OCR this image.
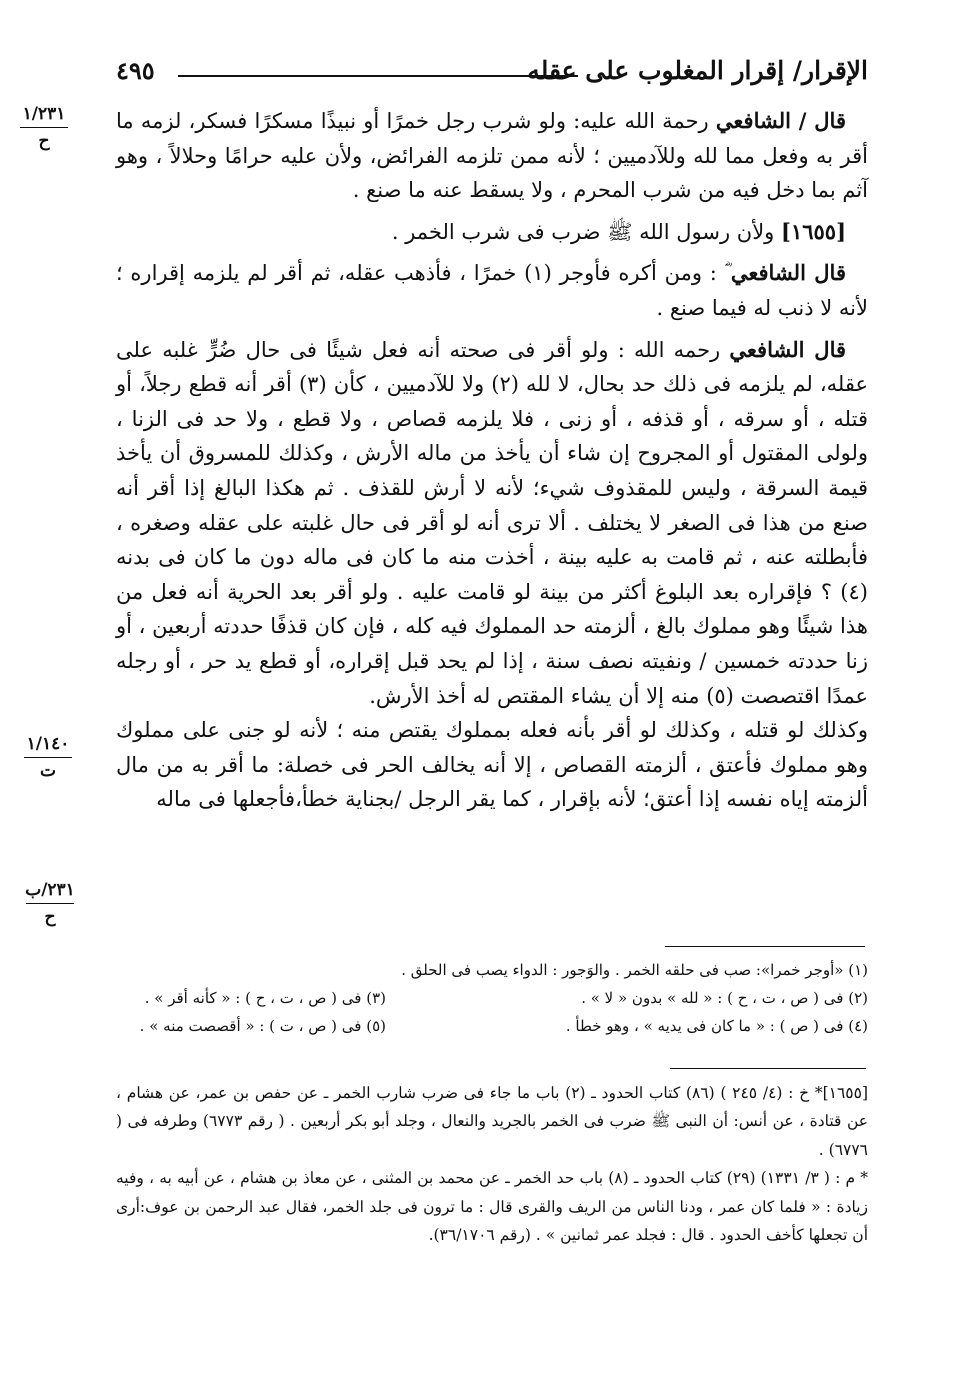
الإقرار/ إقرار المغلوب على عقله
٤٩٥
١/٢٣١
ح
١/١٤٠
ت
٢٣١/ب
ح

قال / الشافعي رحمة الله عليه: ولو شرب رجل خمرًا أو نبيذًا مسكرًا فسكر، لزمه ما أقر به وفعل مما لله وللآدميين ؛ لأنه ممن تلزمه الفرائض، ولأن عليه حرامًا وحلالاً ، وهو آثم بما دخل فيه من شرب المحرم ، ولا يسقط عنه ما صنع .

[١٦٥٥] ولأن رسول الله ﷺ ضرب فى شرب الخمر .

قال الشافعي ؓ : ومن أكره فأوجر (١) خمرًا ، فأذهب عقله، ثم أقر لم يلزمه إقراره ؛ لأنه لا ذنب له فيما صنع .

قال الشافعي رحمه الله : ولو أقر فى صحته أنه فعل شيئًا فى حال ضُرٍّ غلبه على عقله، لم يلزمه فى ذلك حد بحال، لا لله (٢) ولا للآدميين ، كأن (٣) أقر أنه قطع رجلاً، أو قتله ، أو سرقه ، أو قذفه ، أو زنى ، فلا يلزمه قصاص ، ولا قطع ، ولا حد فى الزنا ، ولولى المقتول أو المجروح إن شاء أن يأخذ من ماله الأرش ، وكذلك للمسروق أن يأخذ قيمة السرقة ، وليس للمقذوف شيء؛ لأنه لا أرش للقذف . ثم هكذا البالغ إذا أقر أنه صنع من هذا فى الصغر لا يختلف . ألا ترى أنه لو أقر فى حال غلبته على عقله وصغره ، فأبطلته عنه ، ثم قامت به عليه بينة ، أخذت منه ما كان فى ماله دون ما كان فى بدنه (٤) ؟ فإقراره بعد البلوغ أكثر من بينة لو قامت عليه . ولو أقر بعد الحرية أنه فعل من هذا شيئًا وهو مملوك بالغ ، ألزمته حد المملوك فيه كله ، فإن كان قذفًا حددته أربعين ، أو زنا حددته خمسين / ونفيته نصف سنة ، إذا لم يحد قبل إقراره، أو قطع يد حر ، أو رجله عمدًا اقتصصت (٥) منه إلا أن يشاء المقتص له أخذ الأرش.

وكذلك لو قتله ، وكذلك لو أقر بأنه فعله بمملوك يقتص منه ؛ لأنه لو جنى على مملوك وهو مملوك فأعتق ، ألزمته القصاص ، إلا أنه يخالف الحر فى خصلة: ما أقر به من مال ألزمته إياه نفسه إذا أعتق؛ لأنه بإقرار ، كما يقر الرجل /بجناية خطأ،فأجعلها فى ماله

(١) «أوجر خمرا»: صب فى حلقه الخمر . والوَجور : الدواء يصب فى الحلق .
(٢) فى ( ص ، ت ، ح ) : « لله » بدون « لا » .
(٣) فى ( ص ، ت ، ح ) : « كأنه أقر » .
(٤) فى ( ص ) : « ما كان فى يديه » ، وهو خطأ .
(٥) فى ( ص ، ت ) : « أقصصت منه » .

[١٦٥٥]* خ : (٤/ ٢٤٥ ) (٨٦) كتاب الحدود ـ (٢) باب ما جاء فى ضرب شارب الخمر ـ عن حفص بن عمر، عن هشام ، عن قتادة ، عن أنس: أن النبى ﷺ ضرب فى الخمر بالجريد والنعال ، وجلد أبو بكر أربعين . ( رقم ٦٧٧٣) وطرفه فى ( ٦٧٧٦) .

* م : ( ٣/ ١٣٣١) (٢٩) كتاب الحدود ـ (٨) باب حد الخمر ـ عن محمد بن المثنى ، عن معاذ بن هشام ، عن أبيه به ، وفيه زيادة : « فلما كان عمر ، ودنا الناس من الريف والقرى قال : ما ترون فى جلد الخمر، فقال عبد الرحمن بن عوف:أرى أن تجعلها كأخف الحدود . قال : فجلد عمر ثمانين » . (رقم ٣٦/١٧٠٦).
